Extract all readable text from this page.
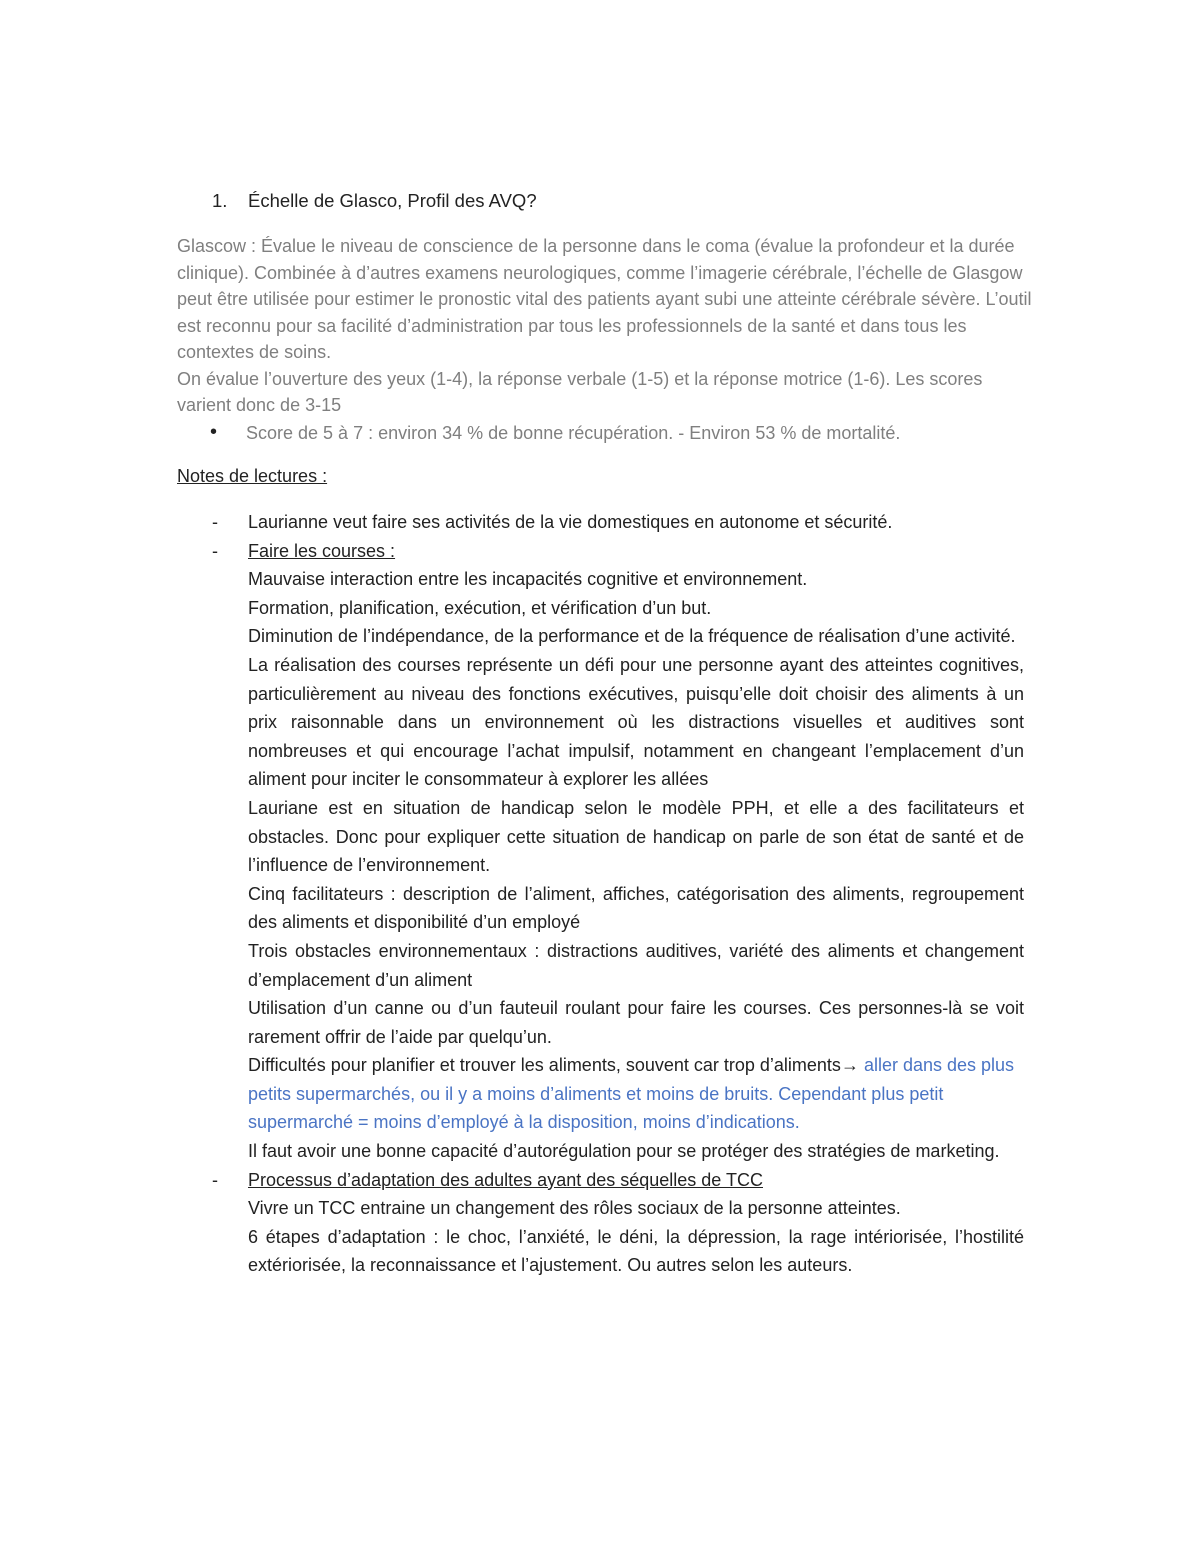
1.	Échelle de Glasco, Profil des AVQ?

Glascow : Évalue le niveau de conscience de la personne dans le coma (évalue la profondeur et la durée clinique). Combinée à d’autres examens neurologiques, comme l’imagerie cérébrale, l’échelle de Glasgow peut être utilisée pour estimer le pronostic vital des patients ayant subi une atteinte cérébrale sévère. L’outil est reconnu pour sa facilité d’administration par tous les professionnels de la santé et dans tous les contextes de soins.

On évalue l’ouverture des yeux (1-4), la réponse verbale (1-5) et la réponse motrice (1-6). Les scores varient donc de 3-15

• Score de 5 à 7 : environ 34 % de bonne récupération. - Environ 53 % de mortalité.
Notes de lectures :
- Laurianne veut faire ses activités de la vie domestiques en autonome et sécurité.

- Faire les courses :

Mauvaise interaction entre les incapacités cognitive et environnement.

Formation, planification, exécution, et vérification d’un but.

Diminution de l’indépendance, de la performance et de la fréquence de réalisation d’une activité.

La réalisation des courses représente un défi pour une personne ayant des atteintes cognitives, particulièrement au niveau des fonctions exécutives, puisqu’elle doit choisir des aliments à un prix raisonnable dans un environnement où les distractions visuelles et auditives sont nombreuses et qui encourage l’achat impulsif, notamment en changeant l’emplacement d’un aliment pour inciter le consommateur à explorer les allées

Lauriane est en situation de handicap selon le modèle PPH, et elle a des facilitateurs et obstacles. Donc pour expliquer cette situation de handicap on parle de son état de santé et de l’influence de l’environnement.

Cinq facilitateurs : description de l’aliment, affiches, catégorisation des aliments, regroupement des aliments et disponibilité d’un employé

Trois obstacles environnementaux : distractions auditives, variété des aliments et changement d’emplacement d’un aliment

Utilisation d’un canne ou d’un fauteuil roulant pour faire les courses. Ces personnes-là se voit rarement offrir de l’aide par quelqu’un.

Difficultés pour planifier et trouver les aliments, souvent car trop d’aliments→ aller dans des plus petits supermarchés, ou il y a moins d’aliments et moins de bruits. Cependant plus petit supermarché = moins d’employé à la disposition, moins d’indications.

Il faut avoir une bonne capacité d’autorégulation pour se protéger des stratégies de marketing.

- Processus d’adaptation des adultes ayant des séquelles de TCC

Vivre un TCC entraine un changement des rôles sociaux de la personne atteintes.

6 étapes d’adaptation : le choc, l’anxiété, le déni, la dépression, la rage intériorisée, l’hostilité extériorisée, la reconnaissance et l’ajustement. Ou autres selon les auteurs.
